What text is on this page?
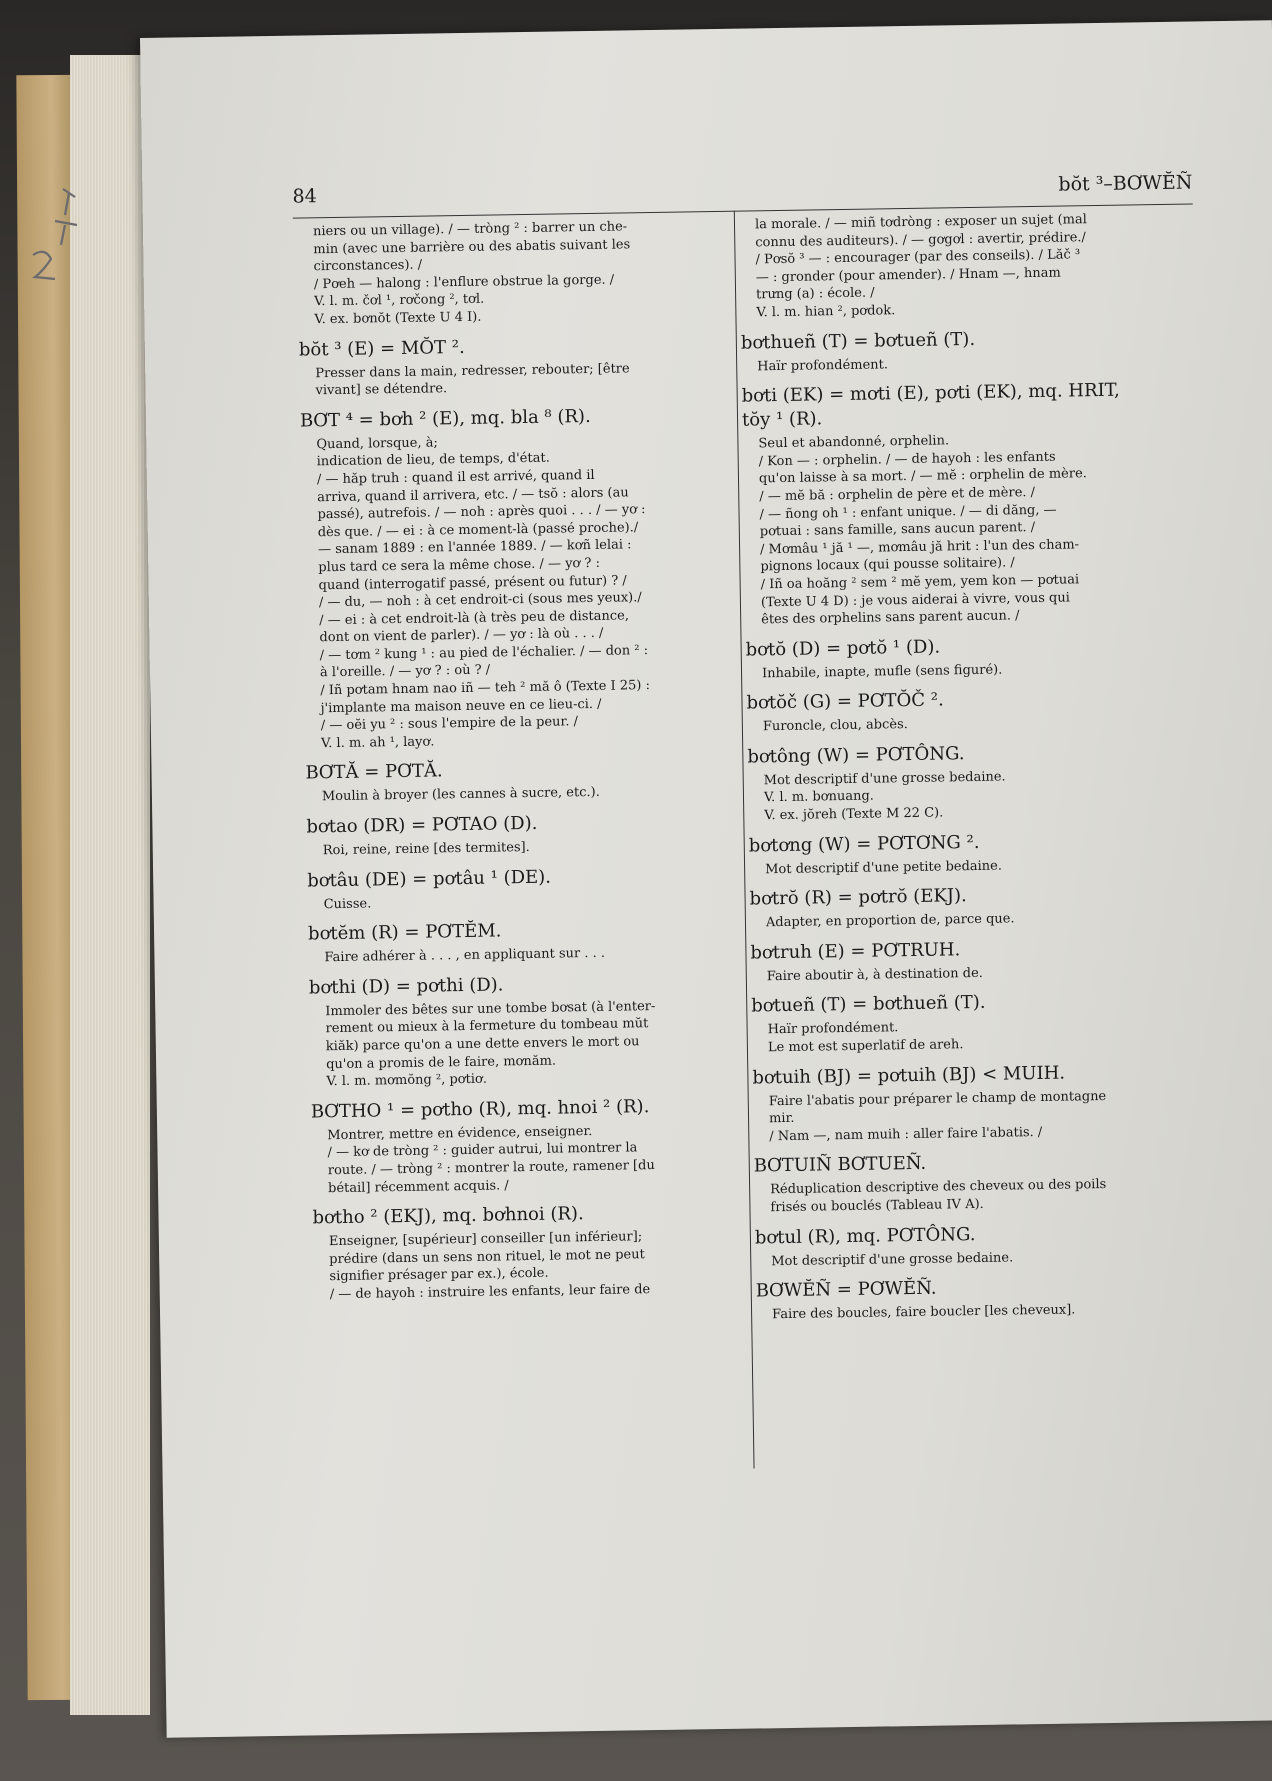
84
bŏt ³–BƠWĔÑ
niers ou un village). / — tròng ² : barrer un che-
min (avec une barrière ou des abatis suivant les
circonstances). /
/ Pơeh — halong : l'enflure obstrue la gorge. /
V. l. m. čơl ¹, rơčong ², tơl.
V. ex. bơnŏt (Texte U 4 I).
bŏt ³ (E) = MŎT ².
Presser dans la main, redresser, rebouter; [être
vivant] se détendre.
BƠT ⁴ = bơh ² (E), mq. bla ⁸ (R).
Quand, lorsque, à;
indication de lieu, de temps, d'état.
/ — hăp truh : quand il est arrivé, quand il
arriva, quand il arrivera, etc. / — tsŏ : alors (au
passé), autrefois. / — noh : après quoi . . . / — yơ :
dès que. / — ei : à ce moment-là (passé proche)./
— sanam 1889 : en l'année 1889. / — kơñ lelai :
plus tard ce sera la même chose. / — yơ ? :
quand (interrogatif passé, présent ou futur) ? /
/ — du, — noh : à cet endroit-ci (sous mes yeux)./
/ — ei : à cet endroit-là (à très peu de distance,
dont on vient de parler). / — yơ : là où . . . /
/ — tơm ² kung ¹ : au pied de l'échalier. / — don ² :
à l'oreille. / — yơ ? : où ? /
/ Iñ pơtam hnam nao iñ — teh ² mă ô (Texte I 25) :
j'implante ma maison neuve en ce lieu-ci. /
/ — oĕi yu ² : sous l'empire de la peur. /
V. l. m. ah ¹, layơ.
BƠTĂ = PƠTĂ.
Moulin à broyer (les cannes à sucre, etc.).
bơtao (DR) = PƠTAO (D).
Roi, reine, reine [des termites].
bơtâu (DE) = pơtâu ¹ (DE).
Cuisse.
bơtĕm (R) = PƠTĔM.
Faire adhérer à . . . , en appliquant sur . . .
bơthi (D) = pơthi (D).
Immoler des bêtes sur une tombe bơsat (à l'enter-
rement ou mieux à la fermeture du tombeau mŭt
kiăk) parce qu'on a une dette envers le mort ou
qu'on a promis de le faire, mơnăm.
V. l. m. mơmŏng ², pơtiơ.
BƠTHO ¹ = pơtho (R), mq. hnoi ² (R).
Montrer, mettre en évidence, enseigner.
/ — kơ de tròng ² : guider autrui, lui montrer la
route. / — tròng ² : montrer la route, ramener [du
bétail] récemment acquis. /
bơtho ² (EKJ), mq. bơhnoi (R).
Enseigner, [supérieur] conseiller [un inférieur];
prédire (dans un sens non rituel, le mot ne peut
signifier présager par ex.), école.
/ — de hayoh : instruire les enfants, leur faire de
la morale. / — miñ tơdròng : exposer un sujet (mal
connu des auditeurs). / — gơgơl : avertir, prédire./
/ Pơsŏ ³ — : encourager (par des conseils). / Lăč ³
— : gronder (pour amender). / Hnam —, hnam
trưng (a) : école. /
V. l. m. hian ², pơdok.
bơthueñ (T) = bơtueñ (T).
Haïr profondément.
bơti (EK) = mơti (E), pơti (EK), mq. HRIT, tŏy ¹ (R).
Seul et abandonné, orphelin.
/ Kon — : orphelin. / — de hayoh : les enfants
qu'on laisse à sa mort. / — mĕ : orphelin de mère.
/ — mĕ bă : orphelin de père et de mère. /
/ — ñong oh ¹ : enfant unique. / — di dăng, —
pơtuai : sans famille, sans aucun parent. /
/ Mơmâu ¹ jă ¹ —, mơmâu jă hrit : l'un des cham-
pignons locaux (qui pousse solitaire). /
/ Iñ oa hoăng ² sem ² mĕ yem, yem kon — pơtuai
(Texte U 4 D) : je vous aiderai à vivre, vous qui
êtes des orphelins sans parent aucun. /
bơtŏ (D) = pơtŏ ¹ (D).
Inhabile, inapte, mufle (sens figuré).
bơtŏč (G) = PƠTŎČ ².
Furoncle, clou, abcès.
bơtông (W) = PƠTÔNG.
Mot descriptif d'une grosse bedaine.
V. l. m. bơnuang.
V. ex. jŏreh (Texte M 22 C).
bơtơng (W) = PƠTƠNG ².
Mot descriptif d'une petite bedaine.
bơtrŏ (R) = pơtrŏ (EKJ).
Adapter, en proportion de, parce que.
bơtruh (E) = PƠTRUH.
Faire aboutir à, à destination de.
bơtueñ (T) = bơthueñ (T).
Haïr profondément.
Le mot est superlatif de areh.
bơtuih (BJ) = pơtuih (BJ) < MUIH.
Faire l'abatis pour préparer le champ de montagne
mir.
/ Nam —, nam muih : aller faire l'abatis. /
BƠTUIÑ BƠTUEÑ.
Réduplication descriptive des cheveux ou des poils
frisés ou bouclés (Tableau IV A).
bơtul (R), mq. PƠTÔNG.
Mot descriptif d'une grosse bedaine.
BƠWĔÑ = PƠWĔÑ.
Faire des boucles, faire boucler [les cheveux].
